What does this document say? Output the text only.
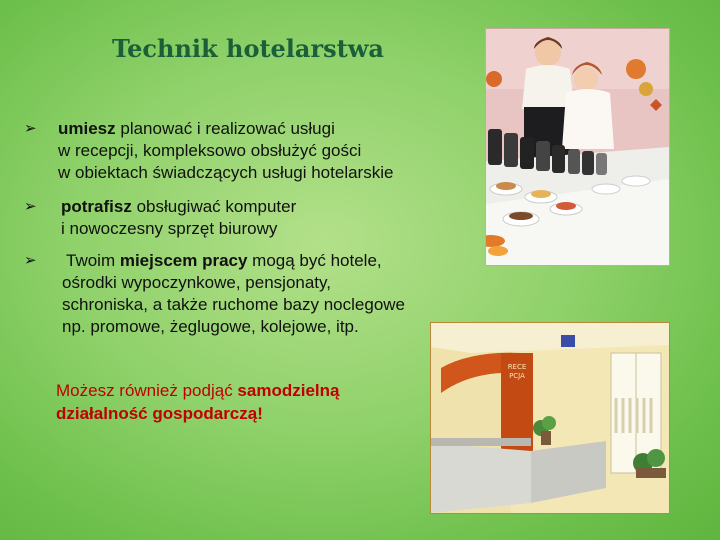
Technik hotelarstwa
➢	umiesz planować i realizować usługi
w recepcji, kompleksowo obsłużyć gości
w obiektach świadczących usługi hotelarskie
➢	potrafisz obsługiwać komputer
i nowoczesny sprzęt biurowy
➢	Twoim miejscem pracy mogą być hotele,
ośrodki wypoczynkowe, pensjonaty,
schroniska, a także ruchome bazy noclegowe
np. promowe, żeglugowe, kolejowe, itp.
Możesz również podjąć samodzielną
działalność gospodarczą!
RECEPCJA
